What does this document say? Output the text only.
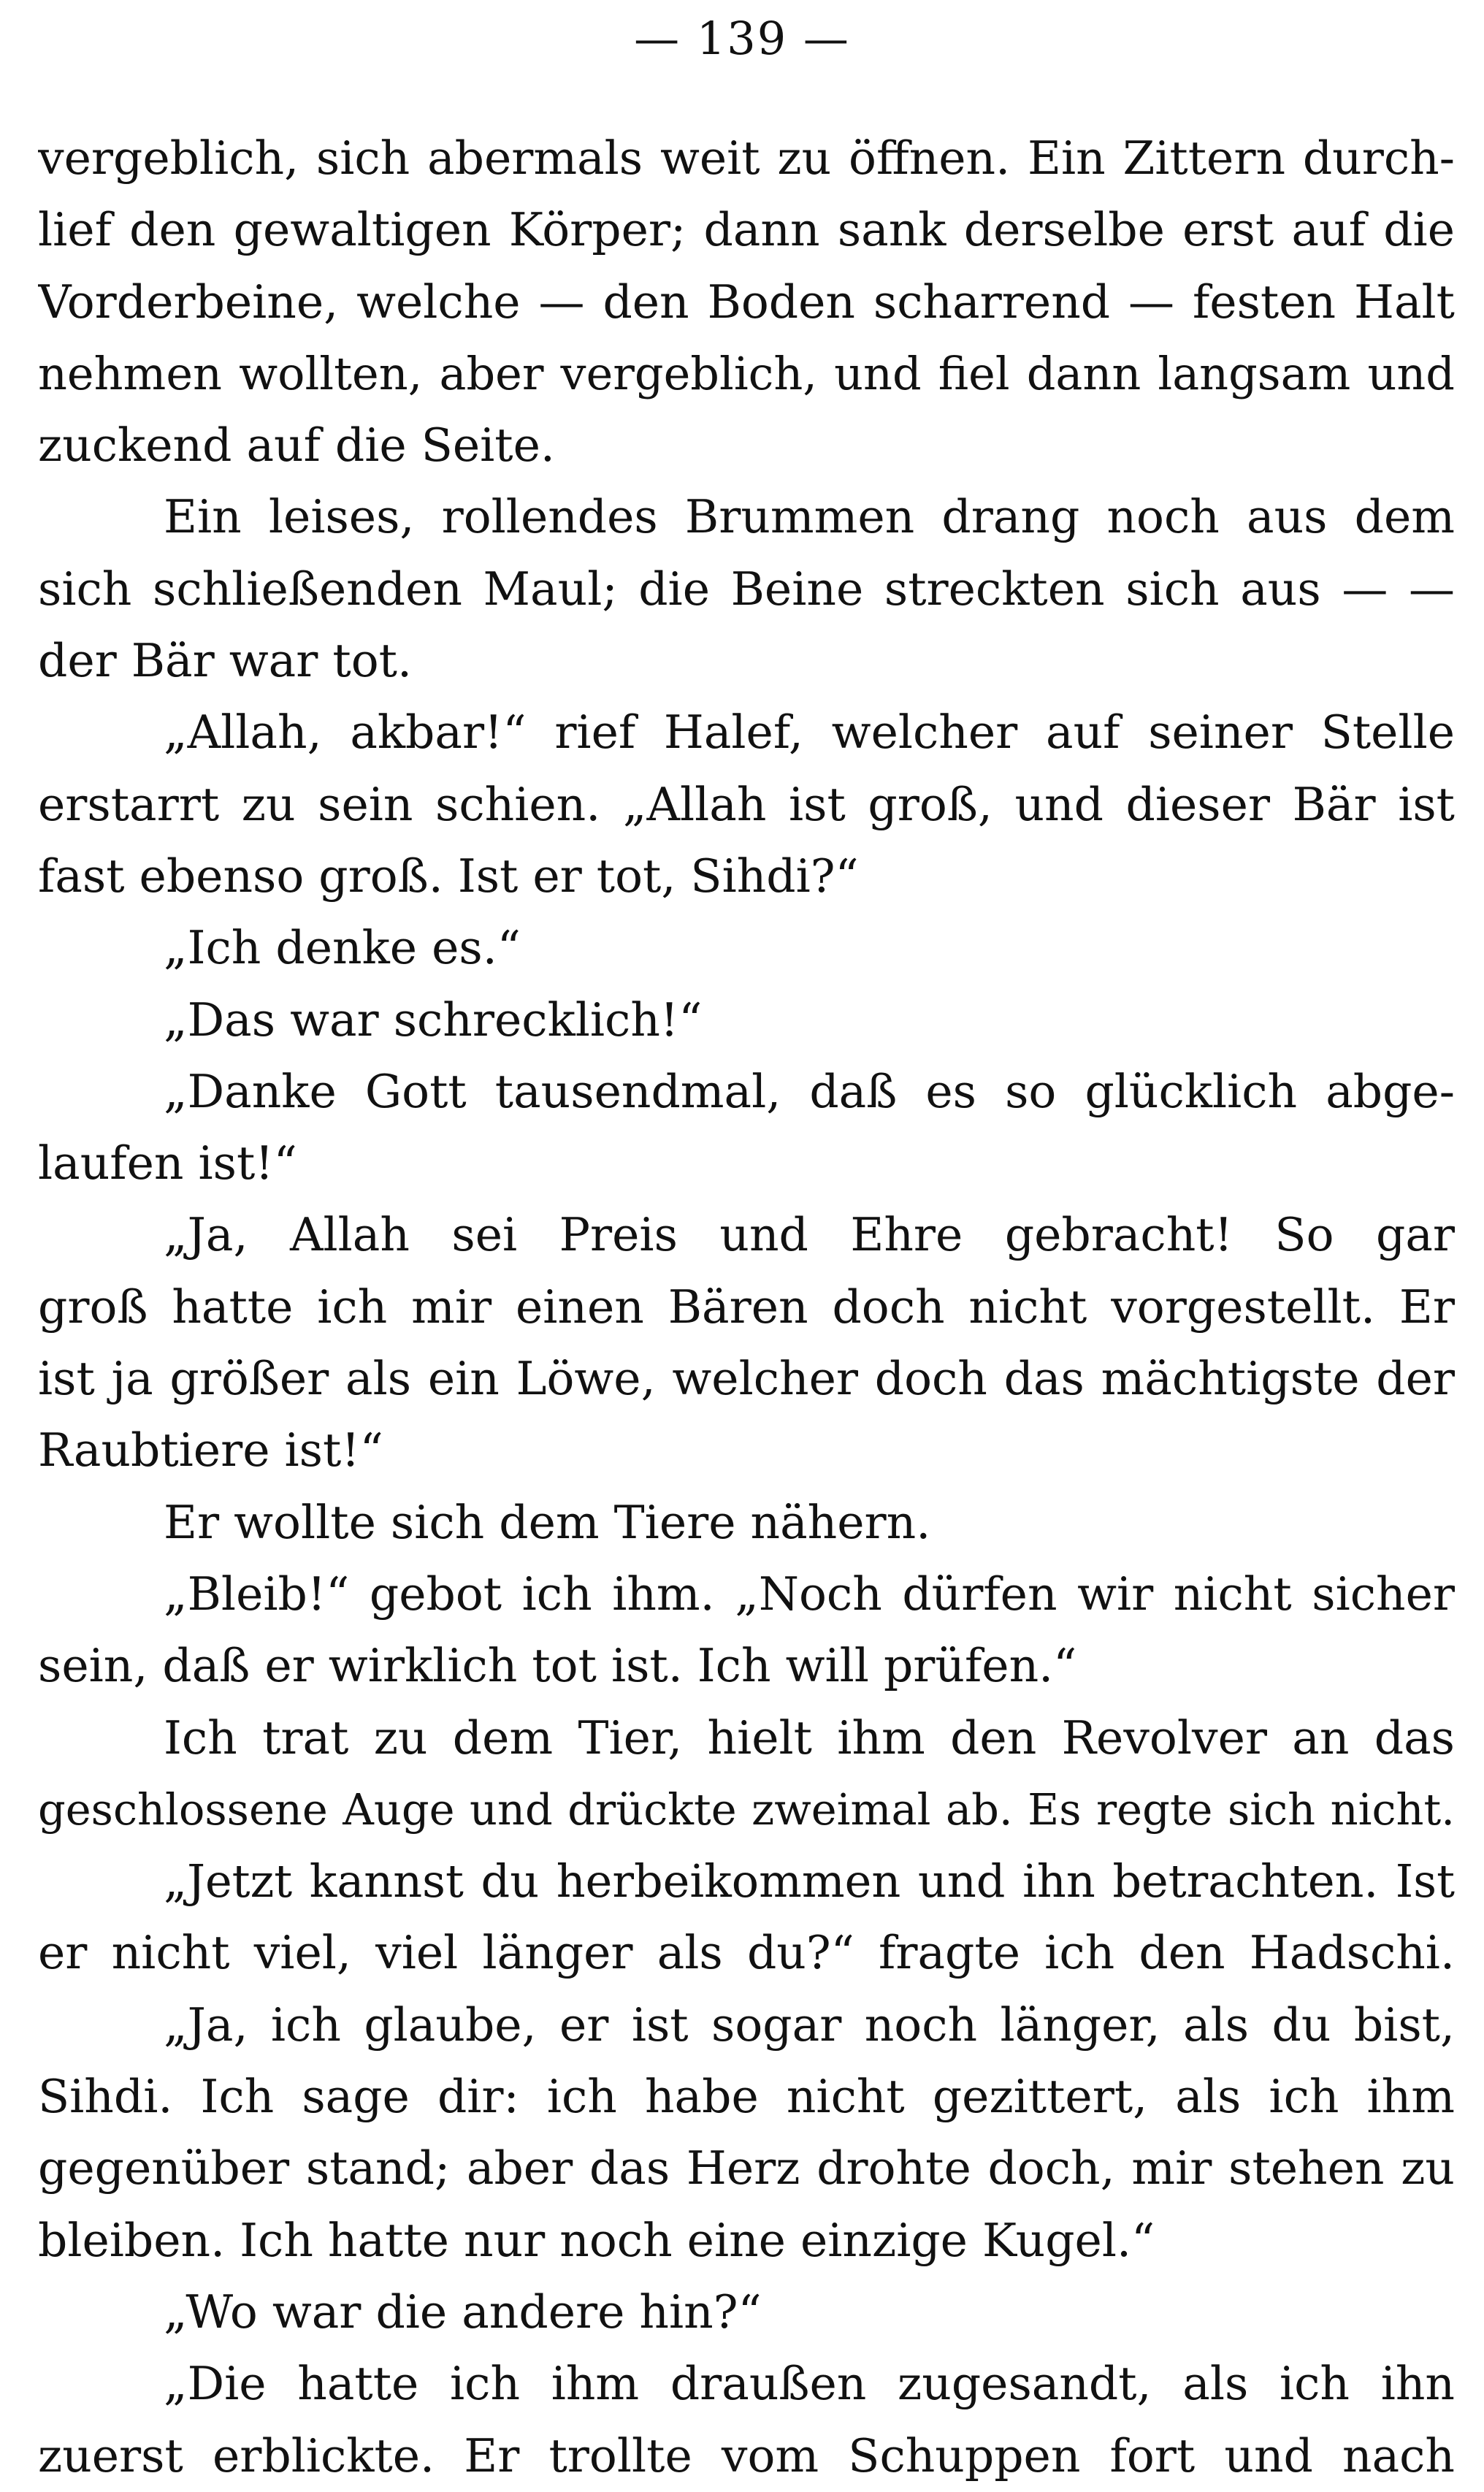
— 139 —
vergeblich, sich abermals weit zu öffnen. Ein Zittern durch-
lief den gewaltigen Körper; dann sank derselbe erst auf die
Vorderbeine, welche — den Boden scharrend — festen Halt
nehmen wollten, aber vergeblich, und fiel dann langsam und
zuckend auf die Seite.
Ein leises, rollendes Brummen drang noch aus dem
sich schließenden Maul; die Beine streckten sich aus — —
der Bär war tot.
„Allah, akbar!“ rief Halef, welcher auf seiner Stelle
erstarrt zu sein schien. „Allah ist groß, und dieser Bär ist
fast ebenso groß. Ist er tot, Sihdi?“
„Ich denke es.“
„Das war schrecklich!“
„Danke Gott tausendmal, daß es so glücklich abge-
laufen ist!“
„Ja, Allah sei Preis und Ehre gebracht! So gar
groß hatte ich mir einen Bären doch nicht vorgestellt. Er
ist ja größer als ein Löwe, welcher doch das mächtigste der
Raubtiere ist!“
Er wollte sich dem Tiere nähern.
„Bleib!“ gebot ich ihm. „Noch dürfen wir nicht sicher
sein, daß er wirklich tot ist. Ich will prüfen.“
Ich trat zu dem Tier, hielt ihm den Revolver an das
geschlossene Auge und drückte zweimal ab. Es regte sich nicht.
„Jetzt kannst du herbeikommen und ihn betrachten. Ist
er nicht viel, viel länger als du?“ fragte ich den Hadschi.
„Ja, ich glaube, er ist sogar noch länger, als du bist,
Sihdi. Ich sage dir: ich habe nicht gezittert, als ich ihm
gegenüber stand; aber das Herz drohte doch, mir stehen zu
bleiben. Ich hatte nur noch eine einzige Kugel.“
„Wo war die andere hin?“
„Die hatte ich ihm draußen zugesandt, als ich ihn
zuerst erblickte. Er trollte vom Schuppen fort und nach
